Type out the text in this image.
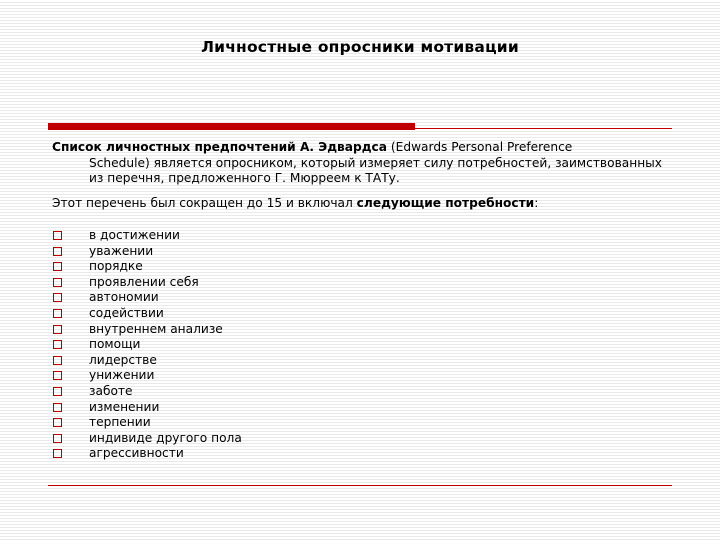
Личностные опросники мотивации
Список личностных предпочтений А. Эдвардса (Edwards Personal Preference
Schedule) является опросником, который измеряет силу потребностей, заимствованных из перечня, предложенного Г. Мюрреем к ТАТу.
Этот перечень был сокращен до 15 и включал следующие потребности:
в достижении
уважении
порядке
проявлении себя
автономии
содействии
внутреннем анализе
помощи
лидерстве
унижении
заботе
изменении
терпении
индивиде другого пола
агрессивности
